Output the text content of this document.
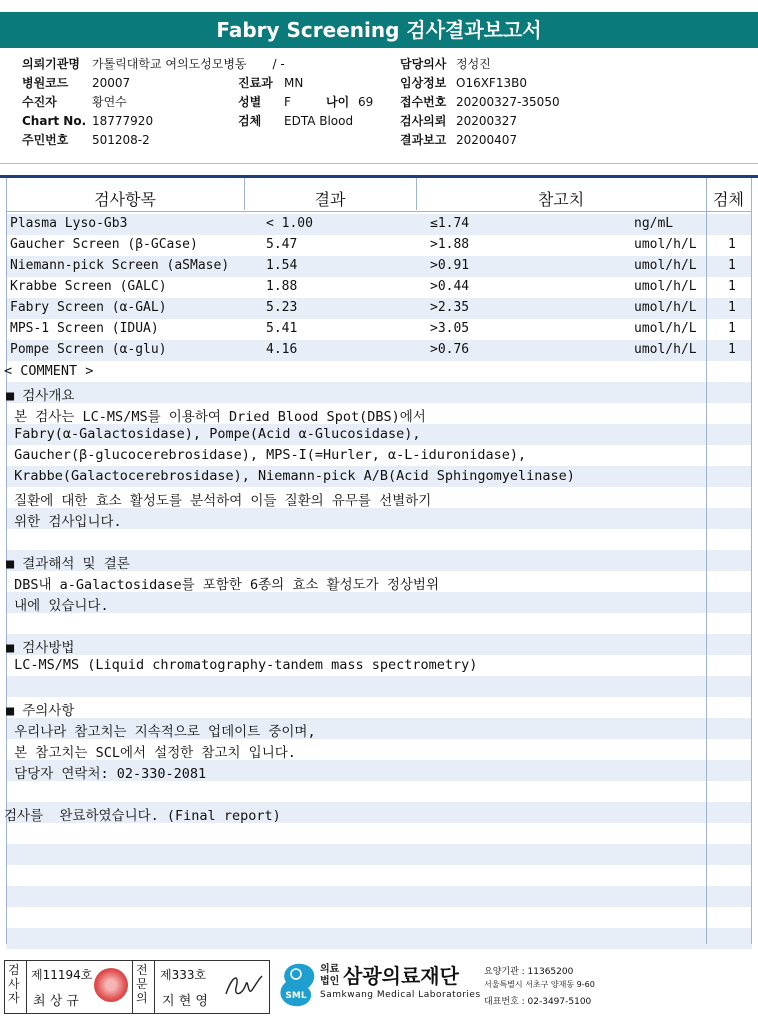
Fabry Screening 검사결과보고서
의뢰기관명 가톨릭대학교 여의도성모병동 / -
병원코드 20007
수진자	황연수
Chart No. 18777920
주민번호 501208-2
진료과 MN
성별 F	나이 69
검체 EDTA Blood
담당의사 정성진
임상정보 O16XF13B0
접수번호 20200327-35050
검사의뢰 20200327
결과보고 20200407
검사항목	결과	참고치	검체
Plasma Lyso-Gb3	< 1.00	≤1.74	ng/mL
Gaucher Screen (β-GCase)	5.47	>1.88	umol/h/L 1
Niemann-pick Screen (aSMase)	1.54	>0.91	umol/h/L 1
Krabbe Screen (GALC)	1.88	>0.44	umol/h/L 1
Fabry Screen (α-GAL)	5.23	>2.35	umol/h/L 1
MPS-1 Screen (IDUA)	5.41	>3.05	umol/h/L 1
Pompe Screen (α-glu)	4.16	>0.76	umol/h/L 1
< COMMENT >
■ 검사개요
본 검사는 LC-MS/MS를 이용하여 Dried Blood Spot(DBS)에서
Fabry(α-Galactosidase), Pompe(Acid α-Glucosidase),
Gaucher(β-glucocerebrosidase), MPS-I(=Hurler, α-L-iduronidase),
Krabbe(Galactocerebrosidase), Niemann-pick A/B(Acid Sphingomyelinase)
질환에 대한 효소 활성도를 분석하여 이들 질환의 유무를 선별하기
위한 검사입니다.
■ 결과해석 및 결론
DBS내 a-Galactosidase를 포함한 6종의 효소 활성도가 정상범위
내에 있습니다.
■ 검사방법
LC-MS/MS (Liquid chromatography-tandem mass spectrometry)
■ 주의사항
우리나라 참고치는 지속적으로 업데이트 중이며,
본 참고치는 SCL에서 설정한 참고치 입니다.
담당자 연락처: 02-330-2081
검사를  완료하였습니다. (Final report)
검사자
제11194호
최 상 규
전문의
제333호
지 현 영	SML
의료
법인 삼광의료재단
Samkwang Medical Laboratories
요양기관 : 11365200
서울특별시 서초구 양재동 9-60
대표번호 : 02-3497-5100
